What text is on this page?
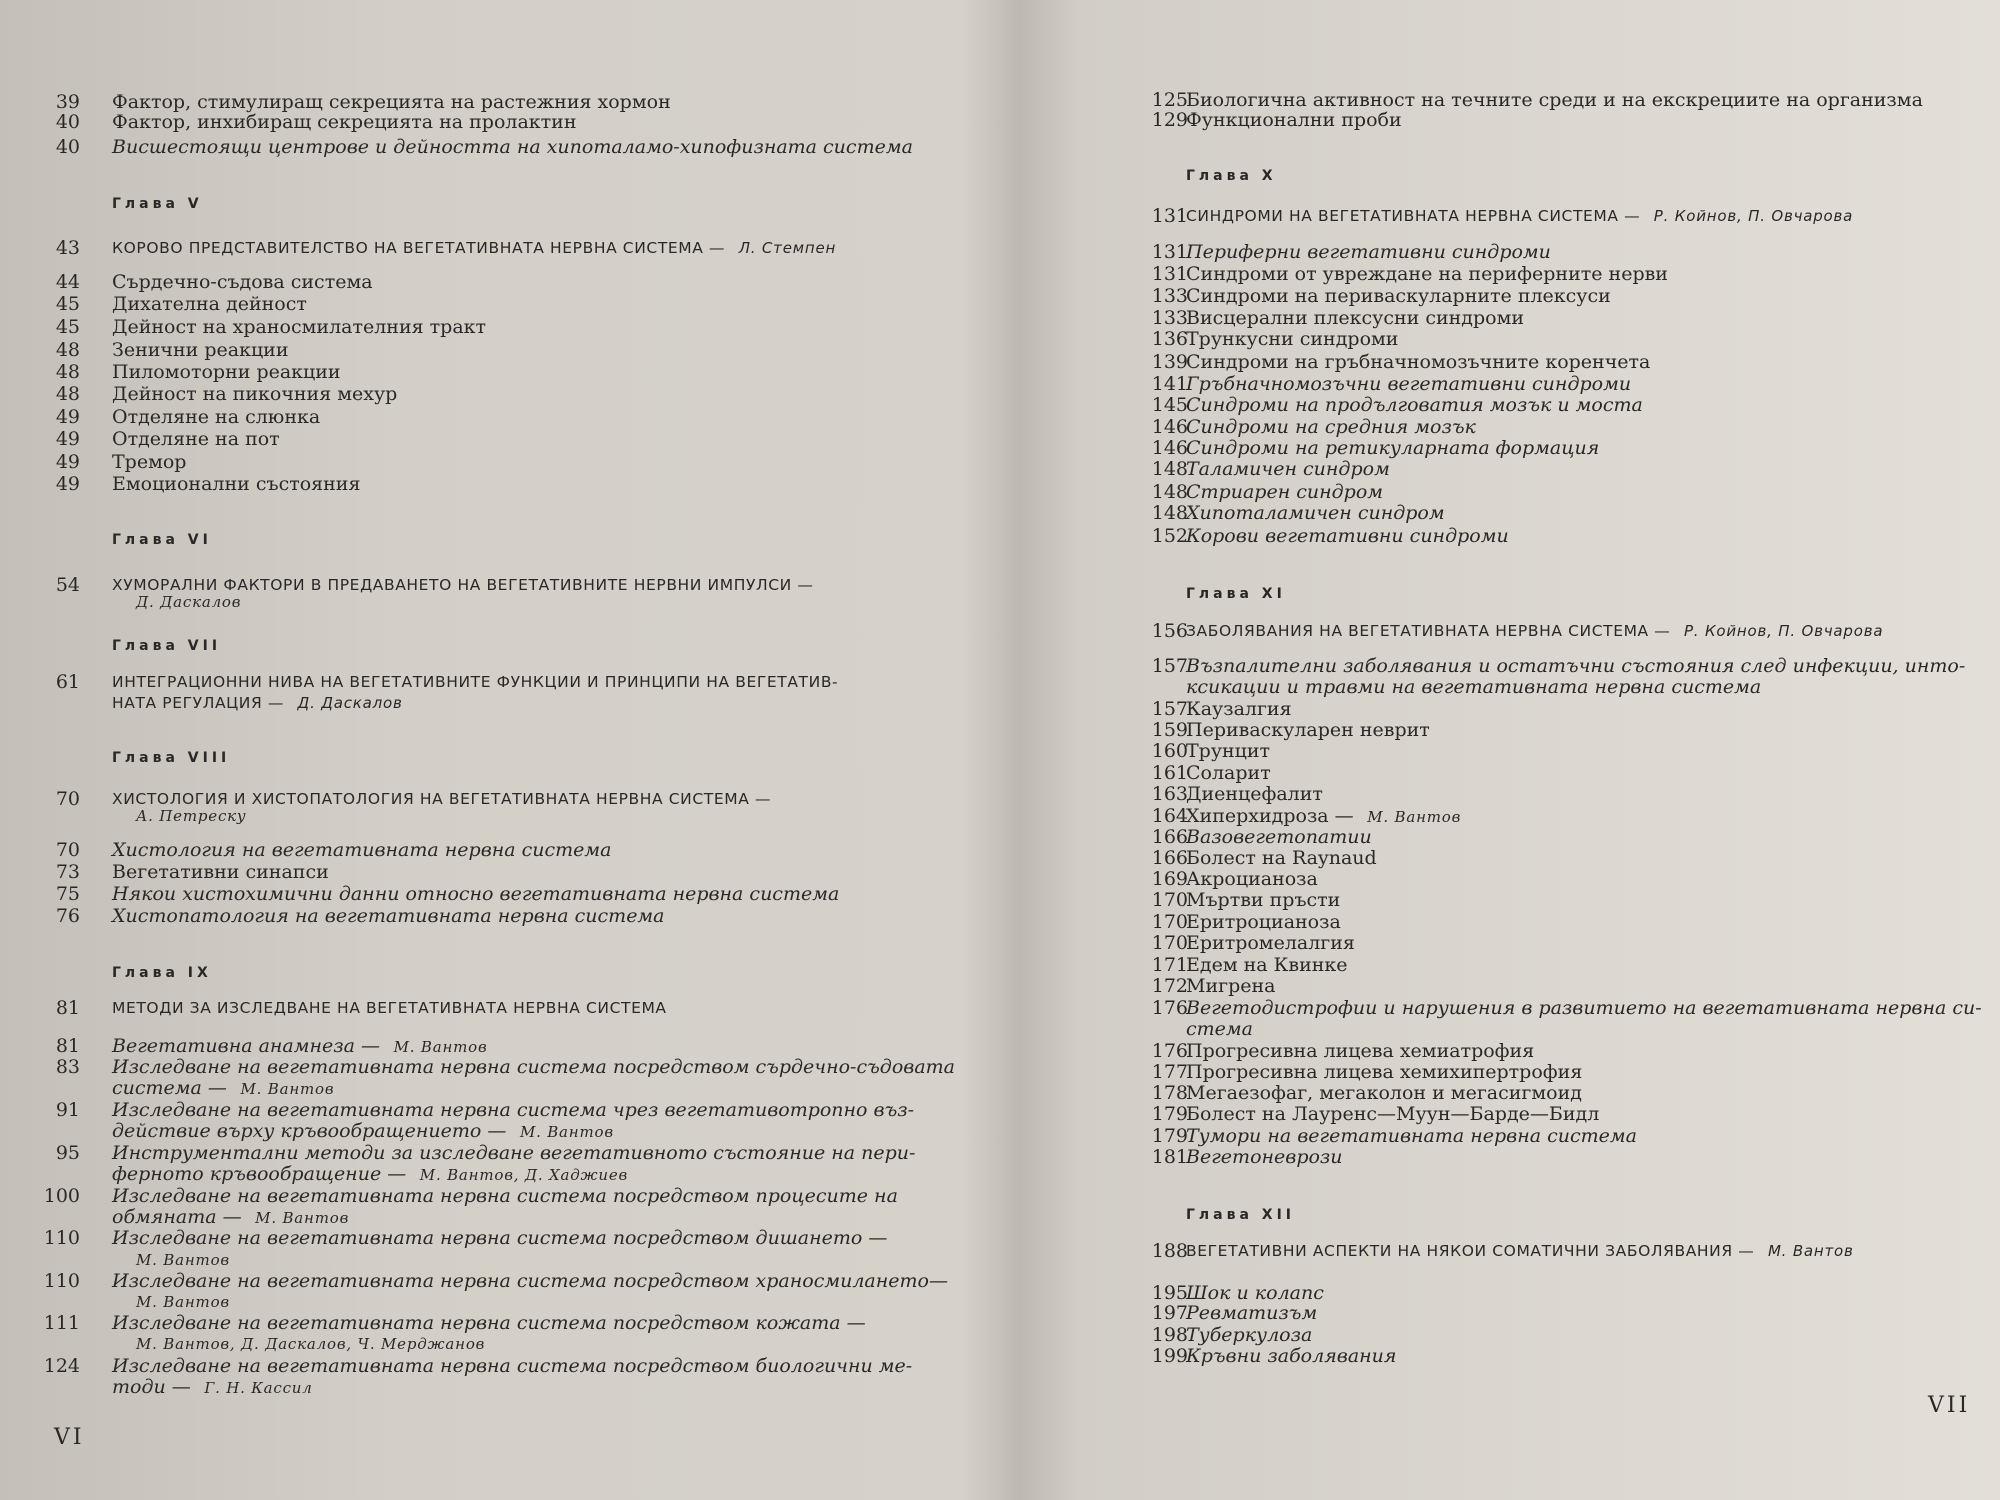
39 Фактор, стимулиращ секрецията на растежния хормон
40 Фактор, инхибиращ секрецията на пролактин
40 Висшестоящи центрове и дейността на хипоталамо-хипофизната система
Глава V
43 КОРОВО ПРЕДСТАВИТЕЛСТВО НА ВЕГЕТАТИВНАТА НЕРВНА СИСТЕМА — Л. Стемпен
44 Сърдечно-съдова система
45 Дихателна дейност
45 Дейност на храносмилателния тракт
48 Зенични реакции
48 Пиломоторни реакции
48 Дейност на пикочния мехур
49 Отделяне на слюнка
49 Отделяне на пот
49 Тремор
49 Емоционални състояния
Глава VI
54 ХУМОРАЛНИ ФАКТОРИ В ПРЕДАВАНЕТО НА ВЕГЕТАТИВНИТЕ НЕРВНИ ИМПУЛСИ —
Д. Даскалов
Глава VII
61 ИНТЕГРАЦИОННИ НИВА НА ВЕГЕТАТИВНИТЕ ФУНКЦИИ И ПРИНЦИПИ НА ВЕГЕТАТИВ-
НАТА РЕГУЛАЦИЯ — Д. Даскалов
Глава VIII
70 ХИСТОЛОГИЯ И ХИСТОПАТОЛОГИЯ НА ВЕГЕТАТИВНАТА НЕРВНА СИСТЕМА —
А. Петреску
70 Хистология на вегетативната нервна система
73 Вегетативни синапси
75 Някои хистохимични данни относно вегетативната нервна система
76 Хистопатология на вегетативната нервна система
Глава IX
81 МЕТОДИ ЗА ИЗСЛЕДВАНЕ НА ВЕГЕТАТИВНАТА НЕРВНА СИСТЕМА
81 Вегетативна анамнеза — М. Вантов
83 Изследване на вегетативната нервна система посредством сърдечно-съдовата
система — М. Вантов
91 Изследване на вегетативната нервна система чрез вегетативотропно въз-
действие върху кръвообращението — М. Вантов
95 Инструментални методи за изследване вегетативното състояние на пери-
ферното кръвообращение — М. Вантов, Д. Хаджиев
100 Изследване на вегетативната нервна система посредством процесите на
обмяната — М. Вантов
110 Изследване на вегетативната нервна система посредством дишането —
М. Вантов
110 Изследване на вегетативната нервна система посредством храносмилането—
М. Вантов
111 Изследване на вегетативната нервна система посредством кожата —
М. Вантов, Д. Даскалов, Ч. Мерджанов
124 Изследване на вегетативната нервна система посредством биологични ме-
тоди — Г. Н. Кассил
VI
125
Биологична активност на течните среди и на екскрециите на организма
129
Функционални проби
Глава X
131
СИНДРОМИ НА ВЕГЕТАТИВНАТА НЕРВНА СИСТЕМА — Р. Койнов, П. Овчарова
131
Периферни вегетативни синдроми
131
Синдроми от увреждане на периферните нерви
133
Синдроми на периваскуларните плексуси
133
Висцерални плексусни синдроми
136
Трункусни синдроми
139
Синдроми на гръбначномозъчните коренчета
141
Гръбначномозъчни вегетативни синдроми
145
Синдроми на продълговатия мозък и моста
146
Синдроми на средния мозък
146
Синдроми на ретикуларната формация
148
Таламичен синдром
148
Стриарен синдром
148
Хипоталамичен синдром
152
Корови вегетативни синдроми
Глава XI
156
ЗАБОЛЯВАНИЯ НА ВЕГЕТАТИВНАТА НЕРВНА СИСТЕМА — Р. Койнов, П. Овчарова
157
Възпалителни заболявания и остатъчни състояния след инфекции, инто-
ксикации и травми на вегетативната нервна система
157
Каузалгия
159
Периваскуларен неврит
160
Трунцит
161
Соларит
163
Диенцефалит
164
Хиперхидроза — М. Вантов
166
Вазовегетопатии
166
Болест на Raynaud
169
Акроцианоза
170
Мъртви пръсти
170
Еритроцианоза
170
Еритромелалгия
171
Едем на Квинке
172
Мигрена
176
Вегетодистрофии и нарушения в развитието на вегетативната нервна си-
стема
176
Прогресивна лицева хемиатрофия
177
Прогресивна лицева хемихипертрофия
178
Мегаезофаг, мегаколон и мегасигмоид
179
Болест на Лауренс—Муун—Барде—Бидл
179
Тумори на вегетативната нервна система
181
Вегетоневрози
Глава XII
188
ВЕГЕТАТИВНИ АСПЕКТИ НА НЯКОИ СОМАТИЧНИ ЗАБОЛЯВАНИЯ — М. Вантов
195
Шок и колапс
197
Ревматизъм
198
Туберкулоза
199
Кръвни заболявания
VII
